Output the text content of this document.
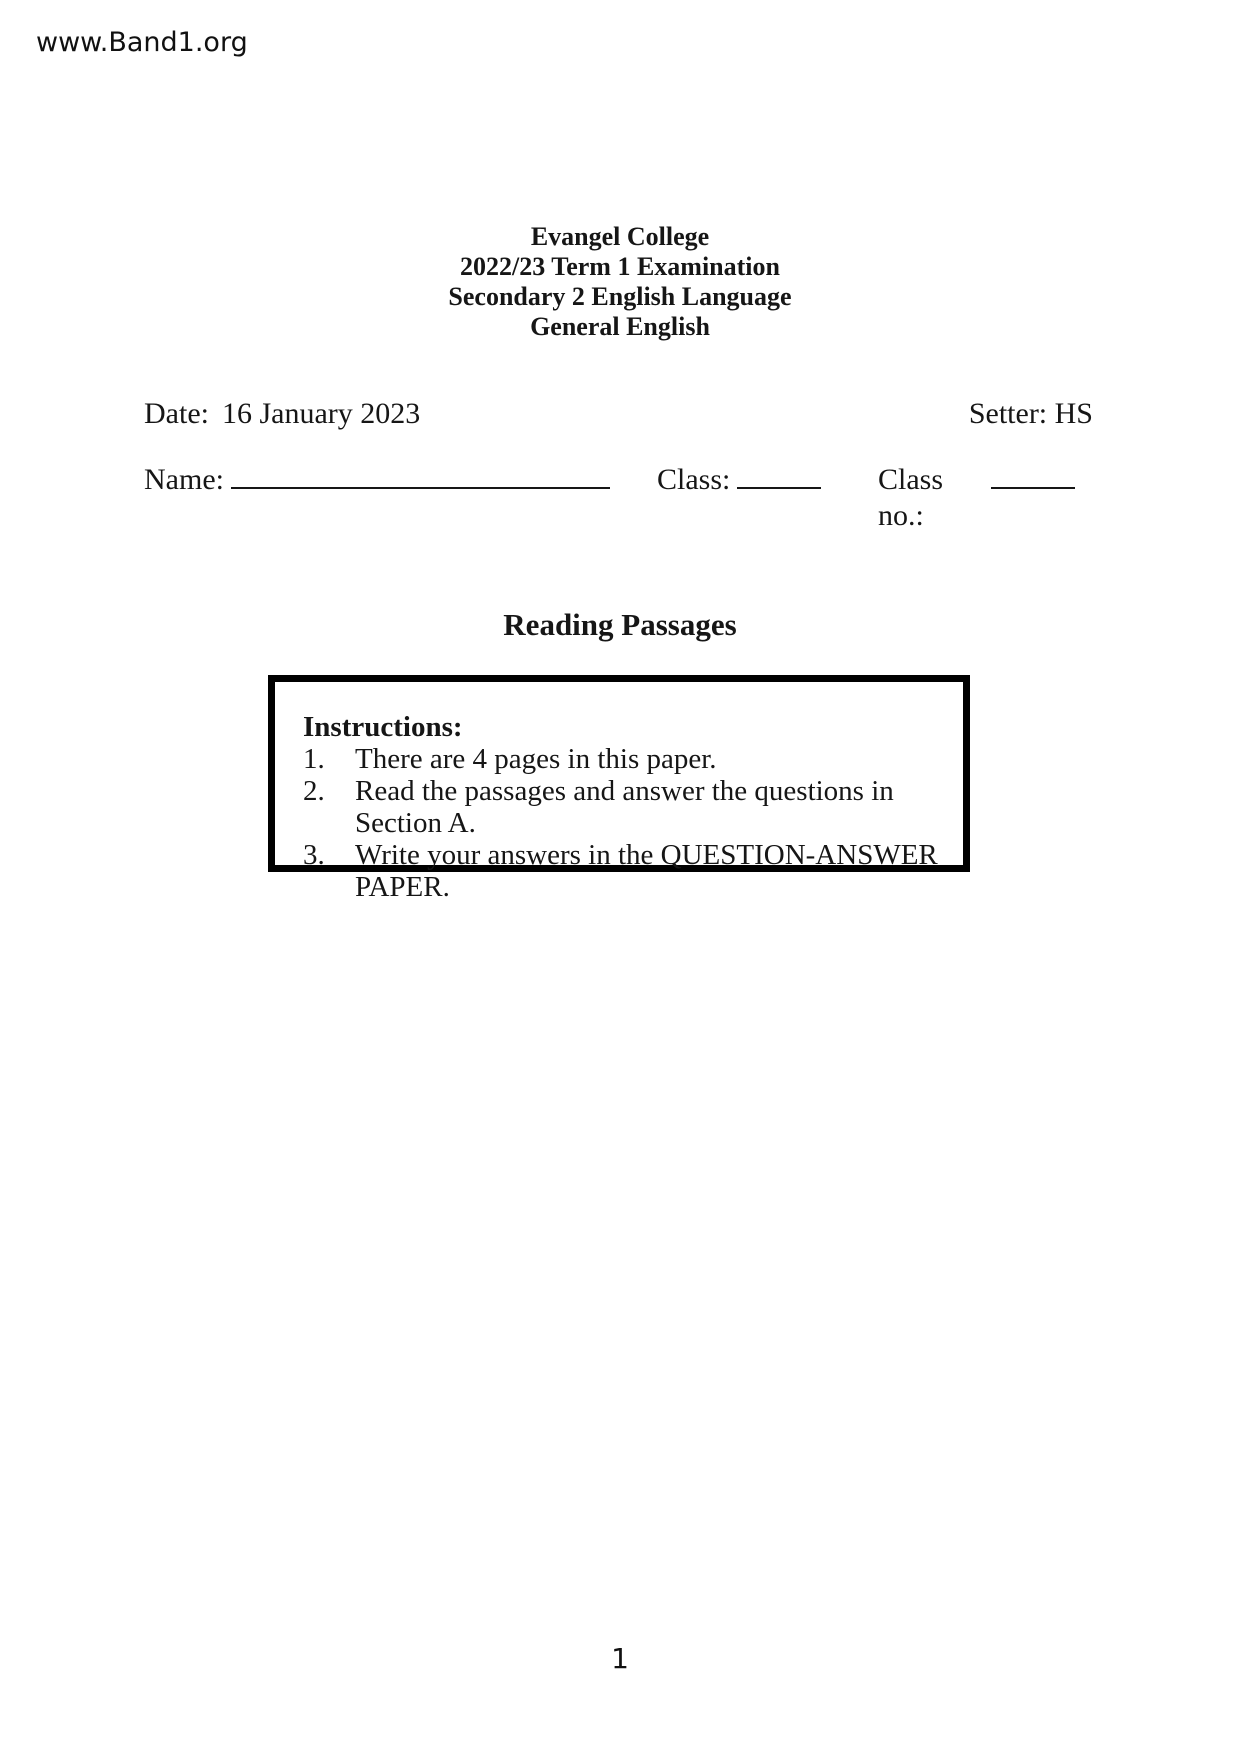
www.Band1.org
Evangel College
2022/23 Term 1 Examination
Secondary 2 English Language
General English
Date: 16 January 2023	Setter: HS
Name:	Class:	Class no.:
Reading Passages
Instructions:
1.	There are 4 pages in this paper.
2.	Read the passages and answer the questions in Section A.
3.	Write your answers in the QUESTION-ANSWER PAPER.
1
